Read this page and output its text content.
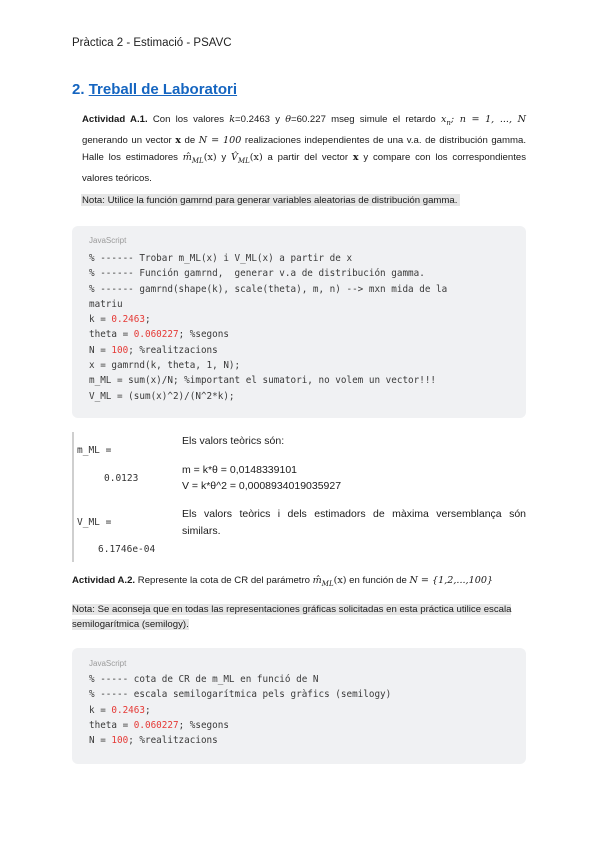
Pràctica 2 - Estimació - PSAVC
2. Treball de Laboratori
Actividad A.1. Con los valores k=0.2463 y θ=60.227 mseg simule el retardo $x_n$; n = 1, ..., N generando un vector x de N = 100 realizaciones independientes de una v.a. de distribución gamma. Halle los estimadores $m̂_{ML}(x)$ y $V̂_{ML}(x)$ a partir del vector x y compare con los correspondientes valores teóricos.
Nota: Utilice la función gamrnd para generar variables aleatorias de distribución gamma.
JavaScript
% ------ Trobar m_ML(x) i V_ML(x) a partir de x
% ------ Función gamrnd,  generar v.a de distribución gamma.
% ------ gamrnd(shape(k), scale(theta), m, n) --> mxn mida de la
matriu
k = 0.2463;
theta = 0.060227; %segons
N = 100; %realitzacions
x = gamrnd(k, theta, 1, N);
m_ML = sum(x)/N; %important el sumatori, no volem un vector!!!
V_ML = (sum(x)^2)/(N^2*k);
m_ML =
0.0123
V_ML =
6.1746e-04
Els valors teòrics són:
m = k*θ = 0,0148339101
V = k*θ^2 = 0,0008934019035927
Els valors teòrics i dels estimadors de màxima versemblança són similars.
Actividad A.2. Represente la cota de CR del parámetro $m̂_{ML}(x)$ en función de N = {1,2,...,100}
Nota: Se aconseja que en todas las representaciones gráficas solicitadas en esta práctica utilice escala semilogarítmica (semilogy).
JavaScript
% ----- cota de CR de m_ML en funció de N
% ----- escala semilogarítmica pels gràfics (semilogy)
k = 0.2463;
theta = 0.060227; %segons
N = 100; %realitzacions
